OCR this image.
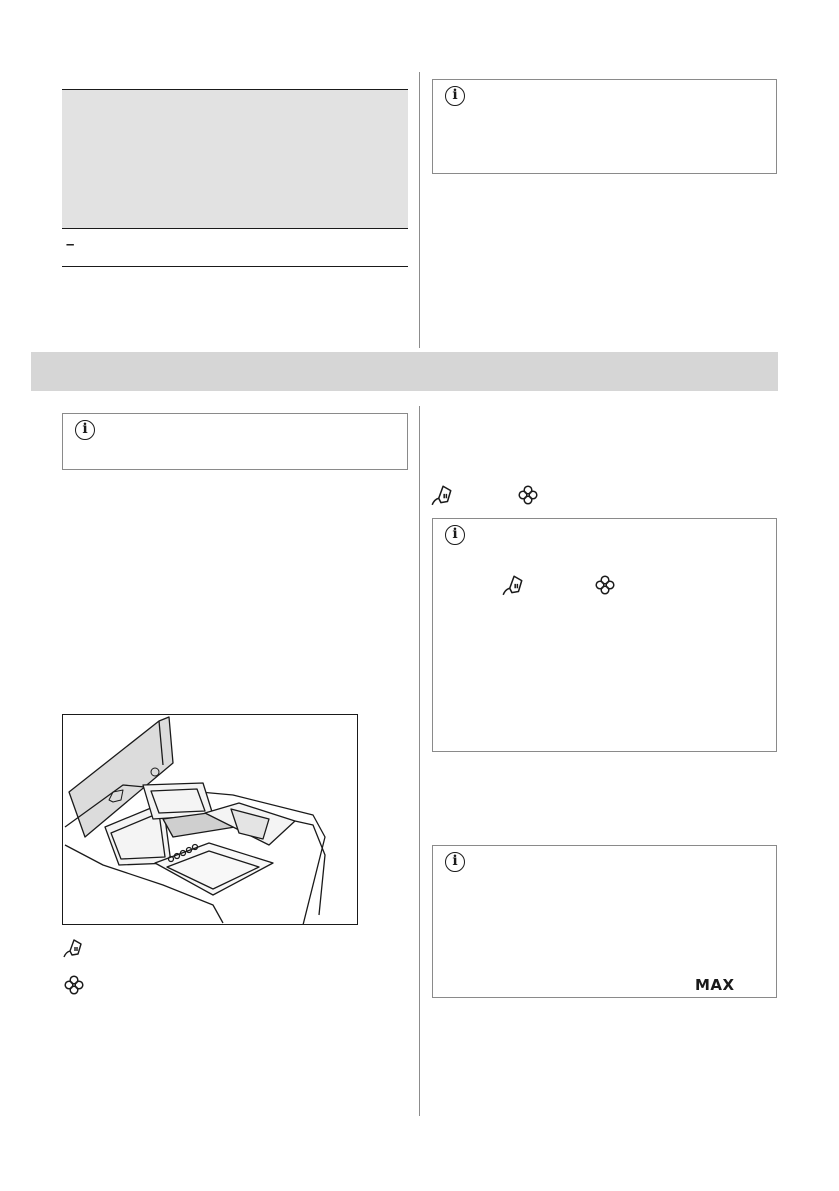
–
i
i
i
i
MAX
